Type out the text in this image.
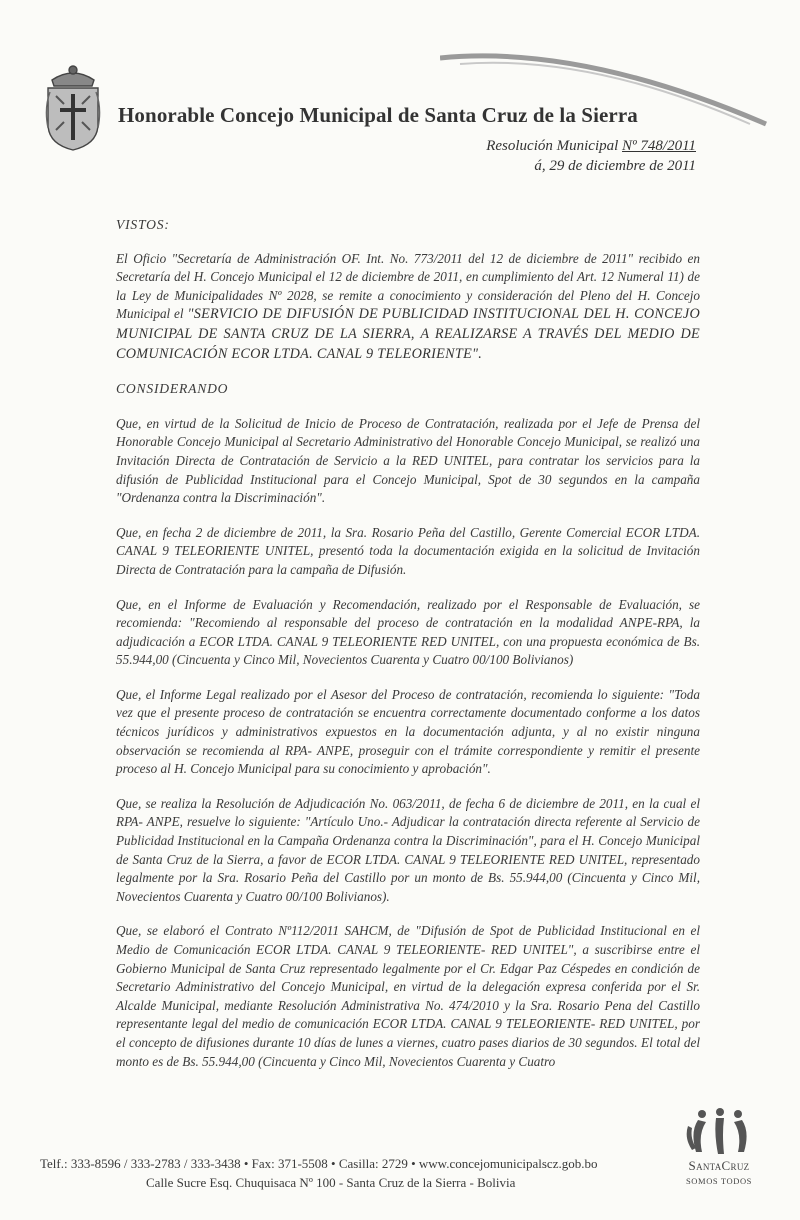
Honorable Concejo Municipal de Santa Cruz de la Sierra
Resolución Municipal Nº 748/2011
á, 29 de diciembre de 2011
VISTOS:

El Oficio "Secretaría de Administración OF. Int. No. 773/2011 del 12 de diciembre de 2011" recibido en Secretaría del H. Concejo Municipal el 12 de diciembre de 2011, en cumplimiento del Art. 12 Numeral 11) de la Ley de Municipalidades Nº 2028, se remite a conocimiento y consideración del Pleno del H. Concejo Municipal el "SERVICIO DE DIFUSIÓN DE PUBLICIDAD INSTITUCIONAL DEL H. CONCEJO MUNICIPAL DE SANTA CRUZ DE LA SIERRA, A REALIZARSE A TRAVÉS DEL MEDIO DE COMUNICACIÓN ECOR LTDA. CANAL 9 TELEORIENTE".

CONSIDERANDO

Que, en virtud de la Solicitud de Inicio de Proceso de Contratación, realizada por el Jefe de Prensa del Honorable Concejo Municipal al Secretario Administrativo del Honorable Concejo Municipal, se realizó una Invitación Directa de Contratación de Servicio a la RED UNITEL, para contratar los servicios para la difusión de Publicidad Institucional para el Concejo Municipal, Spot de 30 segundos en la campaña "Ordenanza contra la Discriminación".

Que, en fecha 2 de diciembre de 2011, la Sra. Rosario Peña del Castillo, Gerente Comercial ECOR LTDA. CANAL 9 TELEORIENTE UNITEL, presentó toda la documentación exigida en la solicitud de Invitación Directa de Contratación para la campaña de Difusión.

Que, en el Informe de Evaluación y Recomendación, realizado por el Responsable de Evaluación, se recomienda: "Recomiendo al responsable del proceso de contratación en la modalidad ANPE-RPA, la adjudicación a ECOR LTDA. CANAL 9 TELEORIENTE RED UNITEL, con una propuesta económica de Bs. 55.944,00 (Cincuenta y Cinco Mil, Novecientos Cuarenta y Cuatro 00/100 Bolivianos)

Que, el Informe Legal realizado por el Asesor del Proceso de contratación, recomienda lo siguiente: "Toda vez que el presente proceso de contratación se encuentra correctamente documentado conforme a los datos técnicos jurídicos y administrativos expuestos en la documentación adjunta, y al no existir ninguna observación se recomienda al RPA- ANPE, proseguir con el trámite correspondiente y remitir el presente proceso al H. Concejo Municipal para su conocimiento y aprobación".

Que, se realiza la Resolución de Adjudicación No. 063/2011, de fecha 6 de diciembre de 2011, en la cual el RPA- ANPE, resuelve lo siguiente: "Artículo Uno.- Adjudicar la contratación directa referente al Servicio de Publicidad Institucional en la Campaña Ordenanza contra la Discriminación", para el H. Concejo Municipal de Santa Cruz de la Sierra, a favor de ECOR LTDA. CANAL 9 TELEORIENTE RED UNITEL, representado legalmente por la Sra. Rosario Peña del Castillo por un monto de Bs. 55.944,00 (Cincuenta y Cinco Mil, Novecientos Cuarenta y Cuatro 00/100 Bolivianos).

Que, se elaboró el Contrato Nº112/2011 SAHCM, de "Difusión de Spot de Publicidad Institucional en el Medio de Comunicación ECOR LTDA. CANAL 9 TELEORIENTE- RED UNITEL", a suscribirse entre el Gobierno Municipal de Santa Cruz representado legalmente por el Cr. Edgar Paz Céspedes en condición de Secretario Administrativo del Concejo Municipal, en virtud de la delegación expresa conferida por el Sr. Alcalde Municipal, mediante Resolución Administrativa No. 474/2010 y la Sra. Rosario Pena del Castillo representante legal del medio de comunicación ECOR LTDA. CANAL 9 TELEORIENTE- RED UNITEL, por el concepto de difusiones durante 10 días de lunes a viernes, cuatro pases diarios de 30 segundos. El total del monto es de Bs. 55.944,00 (Cincuenta y Cinco Mil, Novecientos Cuarenta y Cuatro

Telf.: 333-8596 / 333-2783 / 333-3438 • Fax: 371-5508 • Casilla: 2729 • www.concejomunicipalscz.gob.bo
Calle Sucre Esq. Chuquisaca Nº 100 - Santa Cruz de la Sierra - Bolivia
SantaCruz
SOMOS TODOS
